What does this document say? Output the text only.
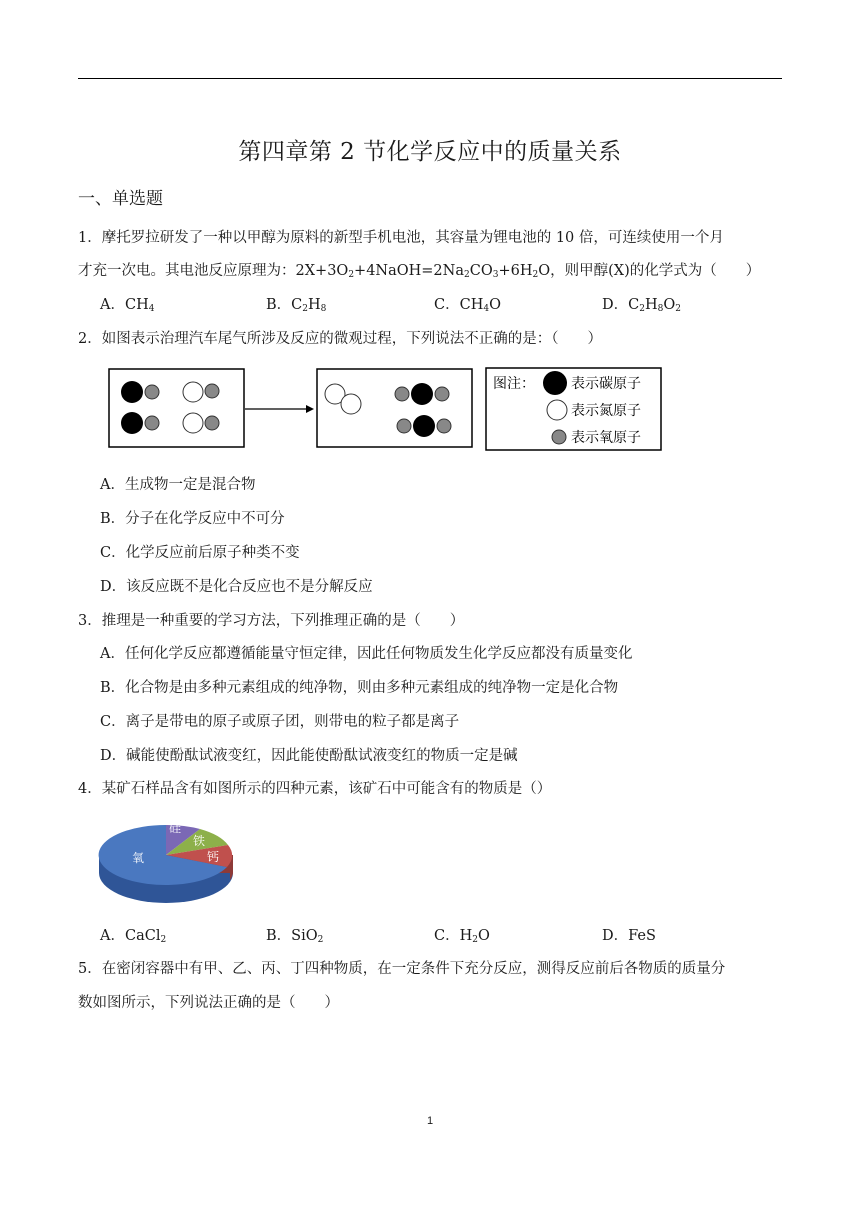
第四章第 2 节化学反应中的质量关系
一、单选题
1．摩托罗拉研发了一种以甲醇为原料的新型手机电池，其容量为锂电池的 10 倍，可连续使用一个月
才充一次电。其电池反应原理为：$2X+3O_2+4NaOH=2Na_2CO_3+6H_2O$，则甲醇(X)的化学式为（　　）
A．$CH_4$	B．$C_2H_8$	C．$CH_4O$	D．$C_2H_8O_2$
2．如图表示治理汽车尾气所涉及反应的微观过程，下列说法不正确的是：（　　）
图注：	表示碳原子
表示氮原子
表示氧原子
A．生成物一定是混合物
B．分子在化学反应中不可分
C．化学反应前后原子种类不变
D．该反应既不是化合反应也不是分解反应
3．推理是一种重要的学习方法，下列推理正确的是（　　）
A．任何化学反应都遵循能量守恒定律，因此任何物质发生化学反应都没有质量变化
B．化合物是由多种元素组成的纯净物，则由多种元素组成的纯净物一定是化合物
C．离子是带电的原子或原子团，则带电的粒子都是离子
D．碱能使酚酞试液变红，因此能使酚酞试液变红的物质一定是碱
4．某矿石样品含有如图所示的四种元素，该矿石中可能含有的物质是（）
氧
硅
铁
钙
A．CaCl$_2$	B．SiO$_2$	C．$H_2O$	D．FeS
5．在密闭容器中有甲、乙、丙、丁四种物质，在一定条件下充分反应，测得反应前后各物质的质量分
数如图所示，下列说法正确的是（　　）
1
